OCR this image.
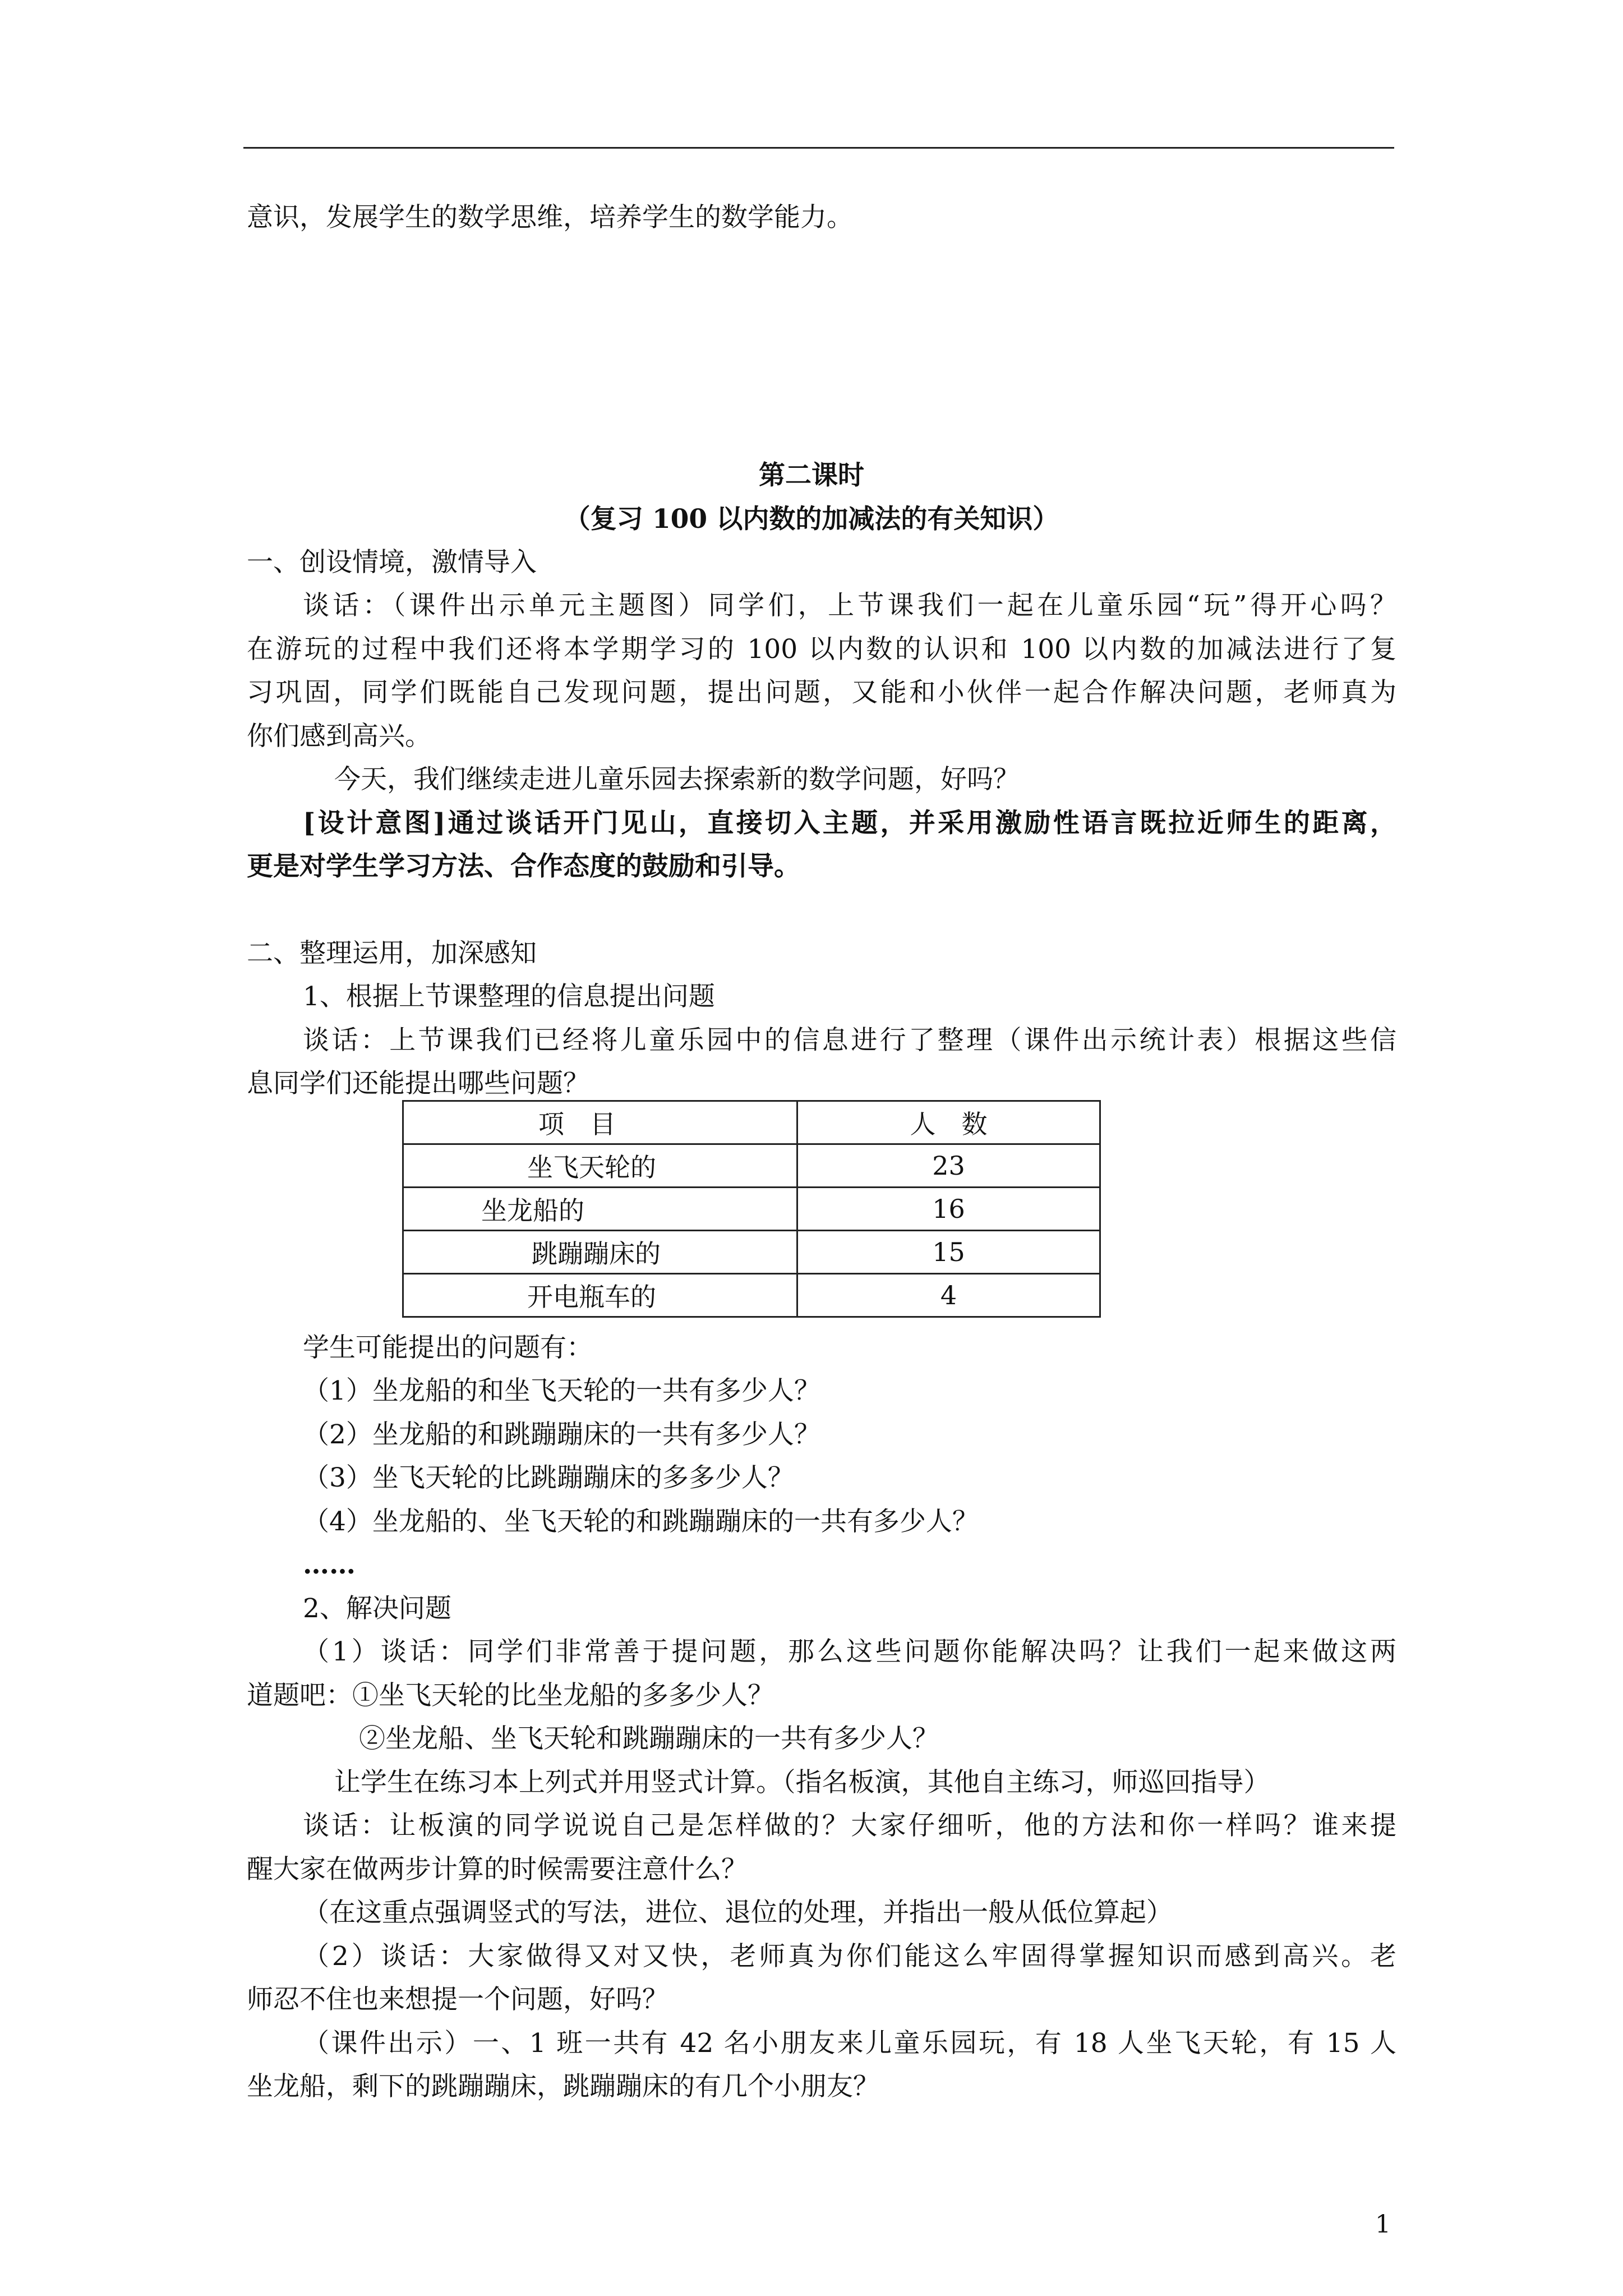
意识，发展学生的数学思维，培养学生的数学能力。
第二课时
（复习 100 以内数的加减法的有关知识）
一、创设情境，激情导入
谈话：（课件出示单元主题图）同学们，上节课我们一起在儿童乐园“玩”得开心吗？
在游玩的过程中我们还将本学期学习的 100 以内数的认识和 100 以内数的加减法进行了复
习巩固，同学们既能自己发现问题，提出问题，又能和小伙伴一起合作解决问题，老师真为
你们感到高兴。
今天，我们继续走进儿童乐园去探索新的数学问题，好吗？
[设计意图]通过谈话开门见山，直接切入主题，并采用激励性语言既拉近师生的距离，
更是对学生学习方法、合作态度的鼓励和引导。
二、整理运用，加深感知
1、根据上节课整理的信息提出问题
谈话：上节课我们已经将儿童乐园中的信息进行了整理（课件出示统计表）根据这些信
息同学们还能提出哪些问题？
项　目	人　数

坐飞天轮的	23

坐龙船的	16

跳蹦蹦床的	15

开电瓶车的	4
学生可能提出的问题有：
（1）坐龙船的和坐飞天轮的一共有多少人？
（2）坐龙船的和跳蹦蹦床的一共有多少人？
（3）坐飞天轮的比跳蹦蹦床的多多少人？
（4）坐龙船的、坐飞天轮的和跳蹦蹦床的一共有多少人？
……
2、解决问题
（1）谈话：同学们非常善于提问题，那么这些问题你能解决吗？让我们一起来做这两
道题吧：①坐飞天轮的比坐龙船的多多少人？
②坐龙船、坐飞天轮和跳蹦蹦床的一共有多少人？
让学生在练习本上列式并用竖式计算。（指名板演，其他自主练习，师巡回指导）
谈话：让板演的同学说说自己是怎样做的？大家仔细听，他的方法和你一样吗？谁来提
醒大家在做两步计算的时候需要注意什么？
（在这重点强调竖式的写法，进位、退位的处理，并指出一般从低位算起）
（2）谈话：大家做得又对又快，老师真为你们能这么牢固得掌握知识而感到高兴。老
师忍不住也来想提一个问题，好吗？
（课件出示）一、1 班一共有 42 名小朋友来儿童乐园玩，有 18 人坐飞天轮，有 15 人
坐龙船，剩下的跳蹦蹦床，跳蹦蹦床的有几个小朋友？
1
